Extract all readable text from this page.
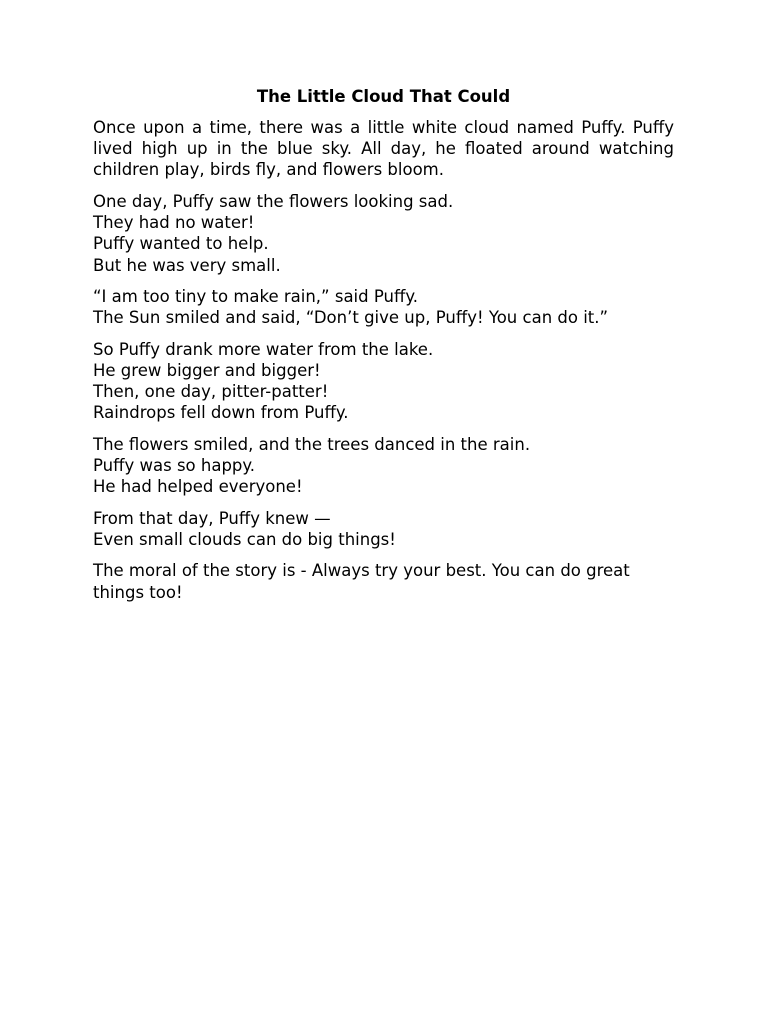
The Little Cloud That Could

Once upon a time, there was a little white cloud named Puffy. Puffy lived high up in the blue sky. All day, he floated around watching children play, birds fly, and flowers bloom.

One day, Puffy saw the flowers looking sad.
They had no water!
Puffy wanted to help.
But he was very small.

“I am too tiny to make rain,” said Puffy.
The Sun smiled and said, “Don’t give up, Puffy! You can do it.”

So Puffy drank more water from the lake.
He grew bigger and bigger!
Then, one day, pitter-patter!
Raindrops fell down from Puffy.

The flowers smiled, and the trees danced in the rain.
Puffy was so happy.
He had helped everyone!

From that day, Puffy knew —
Even small clouds can do big things!

The moral of the story is - Always try your best. You can do great things too!
